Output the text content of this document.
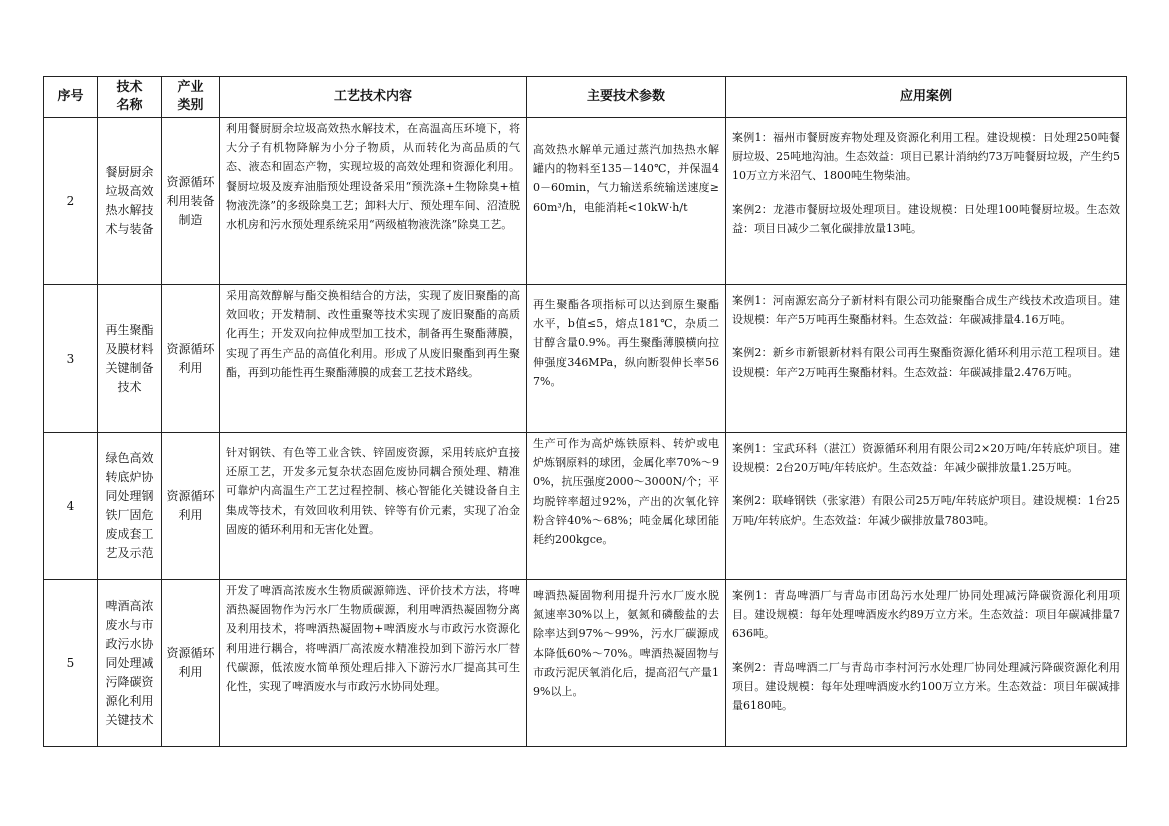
序号	技术名称	产业类别	工艺技术内容	主要技术参数	应用案例
2	餐厨厨余垃圾高效热水解技术与装备	资源循环利用装备制造	利用餐厨厨余垃圾高效热水解技术，在高温高压环境下，将大分子有机物降解为小分子物质，从而转化为高品质的气态、液态和固态产物，实现垃圾的高效处理和资源化利用。餐厨垃圾及废弃油脂预处理设备采用“预洗涤+生物除臭+植物液洗涤”的多级除臭工艺；卸料大厅、预处理车间、沼渣脱水机房和污水预处理系统采用“两级植物液洗涤”除臭工艺。	高效热水解单元通过蒸汽加热热水解罐内的物料至135－140℃，并保温40－60min，气力输送系统输送速度≥60m³/h，电能消耗<10kW·h/t	案例1：福州市餐厨废弃物处理及资源化利用工程。建设规模：日处理250吨餐厨垃圾、25吨地沟油。生态效益：项目已累计消纳约73万吨餐厨垃圾，产生约510万立方米沼气、1800吨生物柴油。

案例2：龙港市餐厨垃圾处理项目。建设规模：日处理100吨餐厨垃圾。生态效益：项目日减少二氧化碳排放量13吨。

3	再生聚酯及膜材料关键制备技术	资源循环利用	采用高效醇解与酯交换相结合的方法，实现了废旧聚酯的高效回收；开发精制、改性重聚等技术实现了废旧聚酯的高质化再生；开发双向拉伸成型加工技术，制备再生聚酯薄膜，实现了再生产品的高值化利用。形成了从废旧聚酯到再生聚酯，再到功能性再生聚酯薄膜的成套工艺技术路线。	再生聚酯各项指标可以达到原生聚酯水平，b值≤5，熔点181℃，杂质二甘醇含量0.9%。再生聚酯薄膜横向拉伸强度346MPa，纵向断裂伸长率567%。	案例1：河南源宏高分子新材料有限公司功能聚酯合成生产线技术改造项目。建设规模：年产5万吨再生聚酯材料。生态效益：年碳减排量4.16万吨。

案例2：新乡市新银新材料有限公司再生聚酯资源化循环利用示范工程项目。建设规模：年产2万吨再生聚酯材料。生态效益：年碳减排量2.476万吨。

4	绿色高效转底炉协同处理钢铁厂固危废成套工艺及示范	资源循环利用	针对钢铁、有色等工业含铁、锌固废资源，采用转底炉直接还原工艺，开发多元复杂状态固危废协同耦合预处理、精准可靠炉内高温生产工艺过程控制、核心智能化关键设备自主集成等技术，有效回收利用铁、锌等有价元素，实现了冶金固废的循环利用和无害化处置。	生产可作为高炉炼铁原料、转炉或电炉炼钢原料的球团，金属化率70%～90%，抗压强度2000～3000N/个；平均脱锌率超过92%，产出的次氧化锌粉含锌40%～68%；吨金属化球团能耗约200kgce。	案例1：宝武环科（湛江）资源循环利用有限公司2×20万吨/年转底炉项目。建设规模：2台20万吨/年转底炉。生态效益：年减少碳排放量1.25万吨。

案例2：联峰钢铁（张家港）有限公司25万吨/年转底炉项目。建设规模：1台25万吨/年转底炉。生态效益：年减少碳排放量7803吨。

5	啤酒高浓废水与市政污水协同处理减污降碳资源化利用关键技术	资源循环利用	开发了啤酒高浓废水生物质碳源筛选、评价技术方法，将啤酒热凝固物作为污水厂生物质碳源，利用啤酒热凝固物分离及利用技术，将啤酒热凝固物+啤酒废水与市政污水资源化利用进行耦合，将啤酒厂高浓废水精准投加到下游污水厂替代碳源，低浓废水简单预处理后排入下游污水厂提高其可生化性，实现了啤酒废水与市政污水协同处理。	啤酒热凝固物利用提升污水厂废水脱氮速率30%以上，氨氮和磷酸盐的去除率达到97%～99%，污水厂碳源成本降低60%～70%。啤酒热凝固物与市政污泥厌氧消化后，提高沼气产量19%以上。	案例1：青岛啤酒厂与青岛市团岛污水处理厂协同处理减污降碳资源化利用项目。建设规模：每年处理啤酒废水约89万立方米。生态效益：项目年碳减排量7636吨。

案例2：青岛啤酒二厂与青岛市李村河污水处理厂协同处理减污降碳资源化利用项目。建设规模：每年处理啤酒废水约100万立方米。生态效益：项目年碳减排量6180吨。
